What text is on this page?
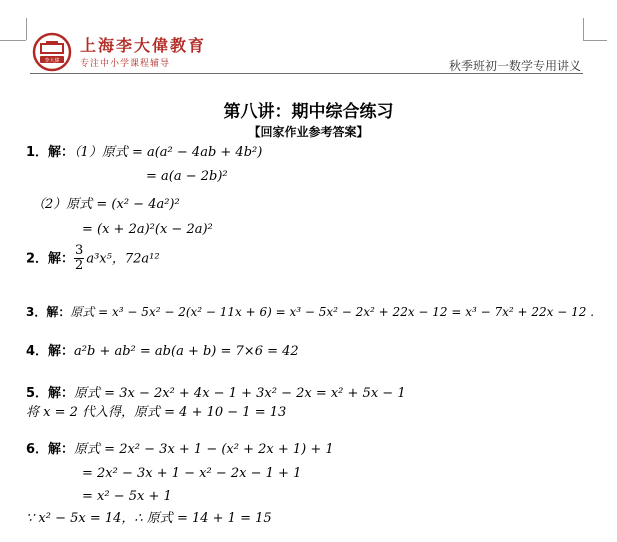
李大偉
上海李大偉教育
专注中小学课程辅导	秋季班初一数学专用讲义
第八讲：期中综合练习
【回家作业参考答案】
1．解：（1）原式 = a(a² − 4ab + 4b²)
= a(a − 2b)²
（2）原式 = (x² − 4a²)²
= (x + 2a)²(x − 2a)²
2．解： $\frac{3}{2} a^3x^5$，72a¹²
3．解：原式 = x³ − 5x² − 2(x² − 11x + 6) = x³ − 5x² − 2x² + 22x − 12 = x³ − 7x² + 22x − 12 .
4．解：a²b + ab² = ab(a + b) = 7×6 = 42
5．解：原式 = 3x − 2x² + 4x − 1 + 3x² − 2x = x² + 5x − 1
将 x = 2 代入得，原式 = 4 + 10 − 1 = 13
6．解：原式 = 2x² − 3x + 1 − (x² + 2x + 1) + 1
= 2x² − 3x + 1 − x² − 2x − 1 + 1
= x² − 5x + 1
∵ x² − 5x = 14，∴ 原式 = 14 + 1 = 15
